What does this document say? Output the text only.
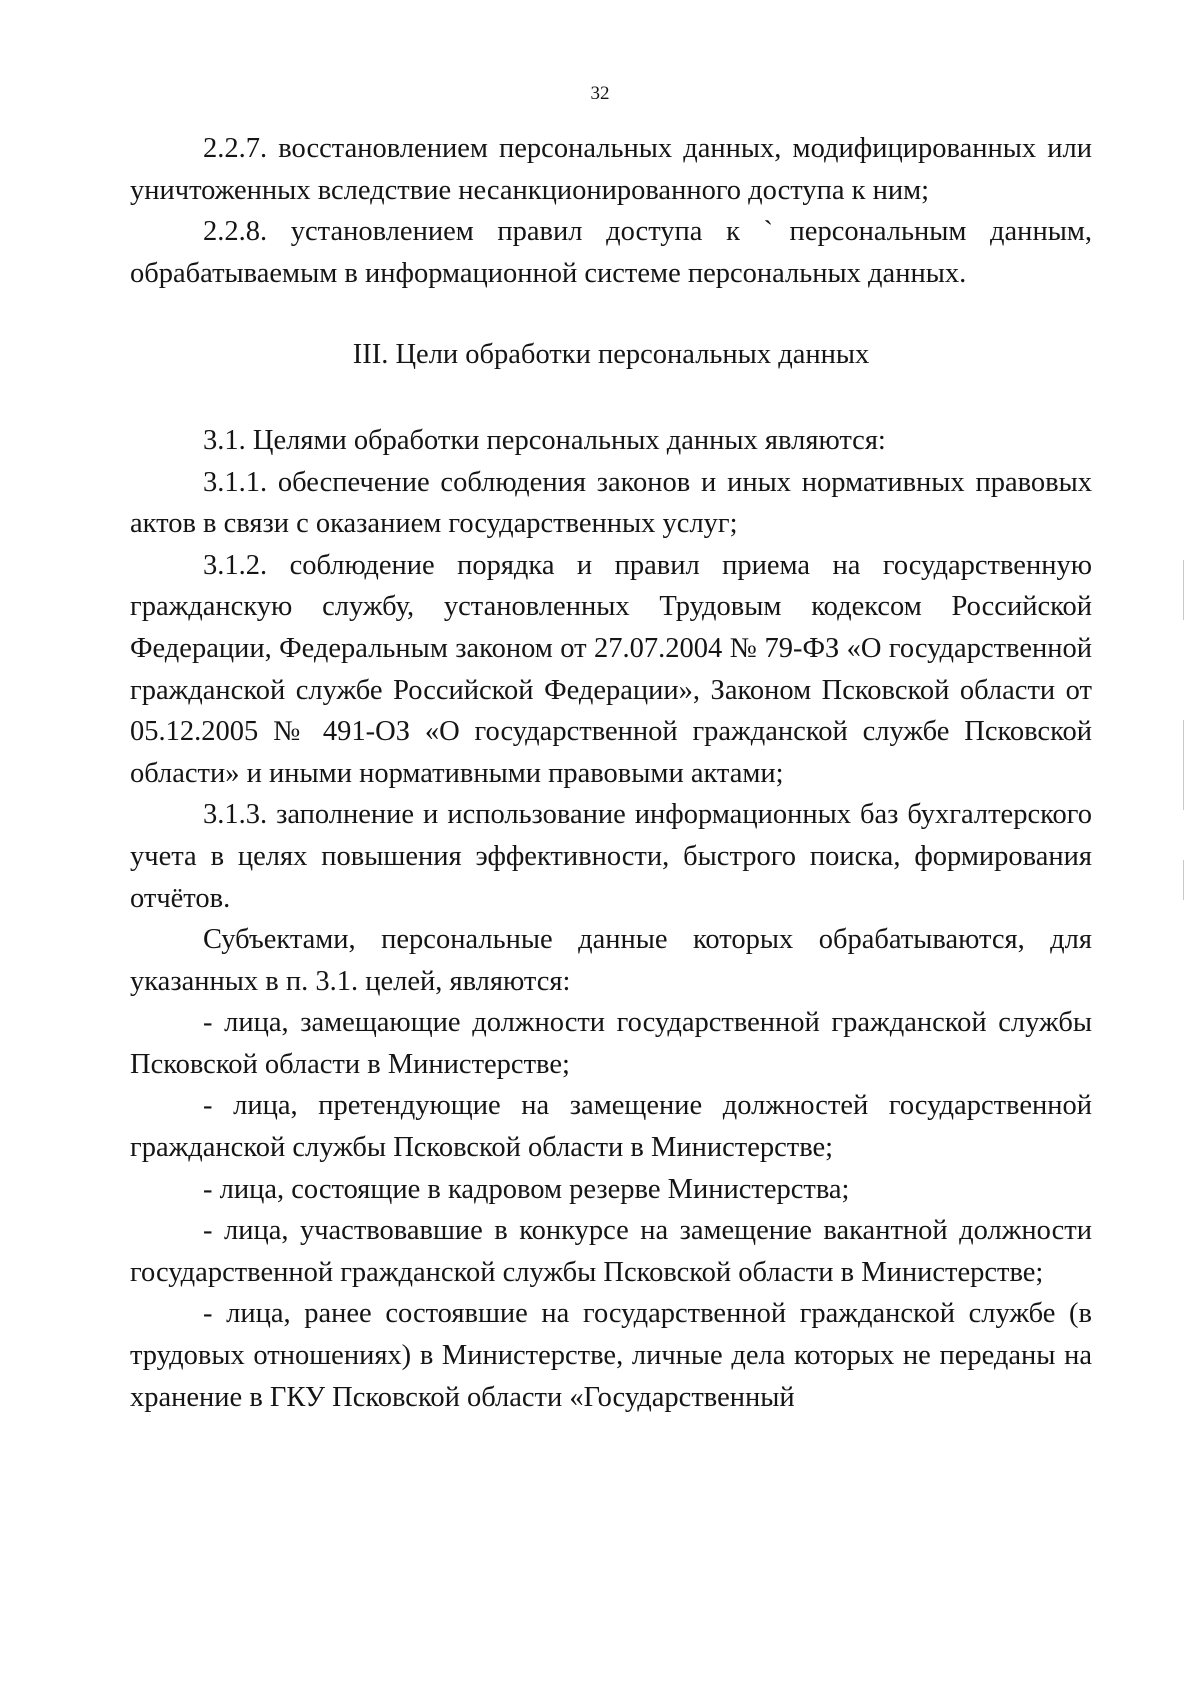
32

2.2.7. восстановлением персональных данных, модифицированных или уничтоженных вследствие несанкционированного доступа к ним;

2.2.8. установлением правил доступа к ˋперсональным данным, обрабатываемым в информационной системе персональных данных.

III. Цели обработки персональных данных

3.1. Целями обработки персональных данных являются:

3.1.1. обеспечение соблюдения законов и иных нормативных правовых актов в связи с оказанием государственных услуг;

3.1.2. соблюдение порядка и правил приема на государственную гражданскую службу, установленных Трудовым кодексом Российской Федерации, Федеральным законом от 27.07.2004 № 79-ФЗ «О государственной гражданской службе Российской Федерации», Законом Псковской области от 05.12.2005 № 491-ОЗ «О государственной гражданской службе Псковской области» и иными нормативными правовыми актами;

3.1.3. заполнение и использование информационных баз бухгалтерского учета в целях повышения эффективности, быстрого поиска, формирования отчётов.

Субъектами, персональные данные которых обрабатываются, для указанных в п. 3.1. целей, являются:

- лица, замещающие должности государственной гражданской службы Псковской области в Министерстве;

- лица, претендующие на замещение должностей государственной гражданской службы Псковской области в Министерстве;

- лица, состоящие в кадровом резерве Министерства;

- лица, участвовавшие в конкурсе на замещение вакантной должности государственной гражданской службы Псковской области в Министерстве;

- лица, ранее состоявшие на государственной гражданской службе (в трудовых отношениях) в Министерстве, личные дела которых не переданы на хранение в ГКУ Псковской области «Государственный
